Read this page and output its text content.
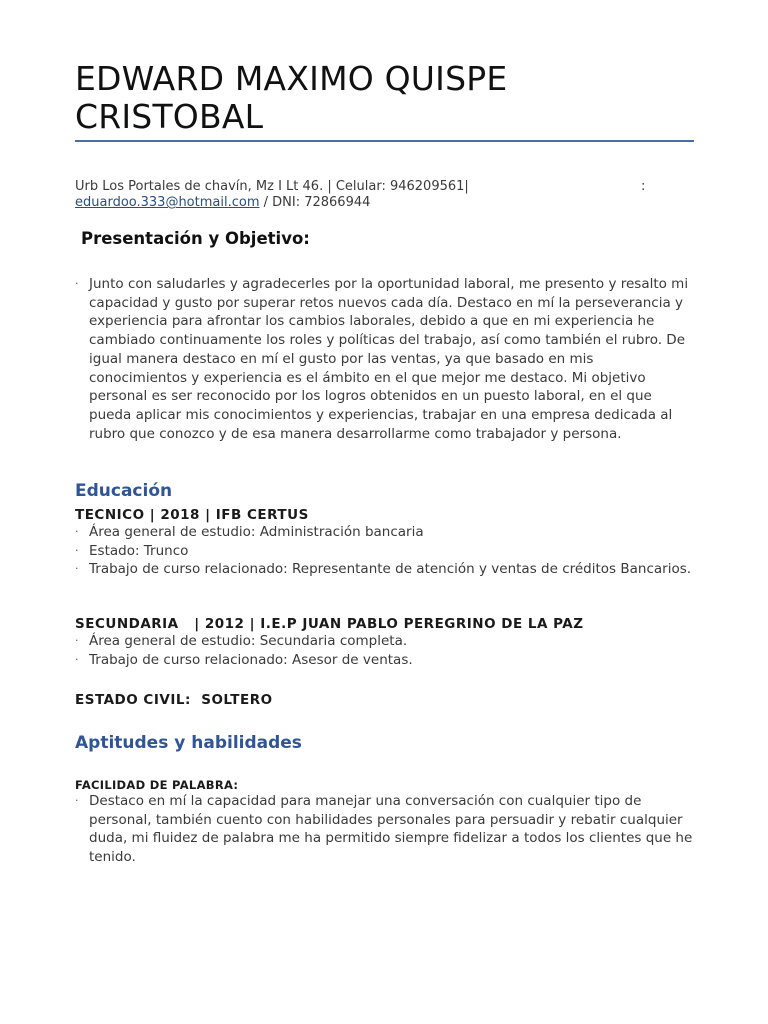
EDWARD MAXIMO QUISPE CRISTOBAL
Urb Los Portales de chavín, Mz I Lt 46. | Celular: 946209561|	:

eduardoo.333@hotmail.com / DNI: 72866944
Presentación y Objetivo:
· Junto con saludarles y agradecerles por la oportunidad laboral, me presento y resalto mi capacidad y gusto por superar retos nuevos cada día. Destaco en mí la perseverancia y experiencia para afrontar los cambios laborales, debido a que en mi experiencia he cambiado continuamente los roles y políticas del trabajo, así como también el rubro. De igual manera destaco en mí el gusto por las ventas, ya que basado en mis conocimientos y experiencia es el ámbito en el que mejor me destaco. Mi objetivo personal es ser reconocido por los logros obtenidos en un puesto laboral, en el que pueda aplicar mis conocimientos y experiencias, trabajar en una empresa dedicada al rubro que conozco y de esa manera desarrollarme como trabajador y persona.
Educación
TECNICO | 2018 | IFB CERTUS
· Área general de estudio: Administración bancaria
· Estado: Trunco
· Trabajo de curso relacionado: Representante de atención y ventas de créditos Bancarios.
SECUNDARIA   | 2012 | I.E.P JUAN PABLO PEREGRINO DE LA PAZ
· Área general de estudio: Secundaria completa.
· Trabajo de curso relacionado: Asesor de ventas.
ESTADO CIVIL:  SOLTERO
Aptitudes y habilidades
FACILIDAD DE PALABRA:
· Destaco en mí la capacidad para manejar una conversación con cualquier tipo de personal, también cuento con habilidades personales para persuadir y rebatir cualquier duda, mi fluidez de palabra me ha permitido siempre fidelizar a todos los clientes que he tenido.
